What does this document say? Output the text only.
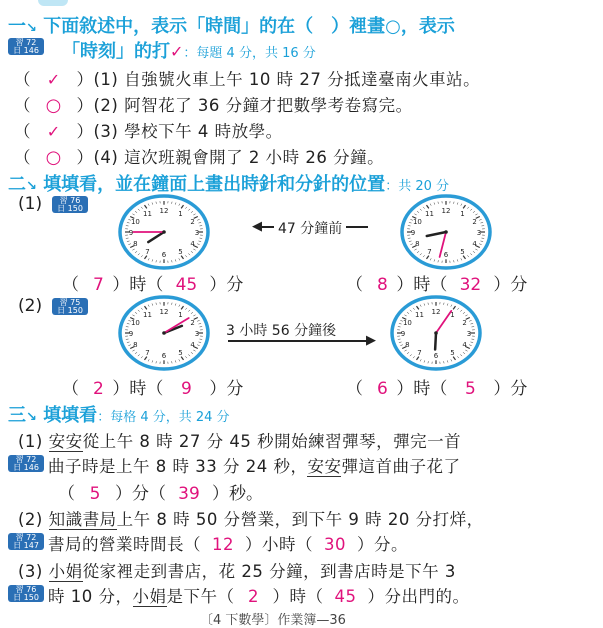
一↘ 下面敘述中，表示「時間」的在（　）裡畫○，表示
習 72
日 146 「時刻」的打✓：每題 4 分，共 16 分
（ ✓ ）(1) 自強號火車上午 10 時 27 分抵達臺南火車站。
（ ○ ）(2) 阿智花了 36 分鐘才把數學考卷寫完。
（ ✓ ）(3) 學校下午 4 時放學。
（ ○ ）(4) 這次班親會開了 2 小時 26 分鐘。
二↘ 填填看，並在鐘面上畫出時針和分針的位置：共 20 分
(1)	習 76
日 150
1
2
3
4
5
6
7
8
9
10
11 12
◀ 47 分鐘前
1
2
3
4
5
6
7
8
9
10
11 12
（ 7 ）時（ 45 ）分	（ 8 ）時（ 32 ）分
(2)	習 75
日 150	1
2
3
4
5
6
7
8
9
10
11 12
▶
3 小時 56 分鐘後
1
2
3
4
5
6
7
8
9
10
11 12
（ 2 ）時（ 9 ）分	（ 6 ）時（ 5 ）分
三↘ 填填看：每格 4 分，共 24 分
(1) 安安從上午 8 時 27 分 45 秒開始練習彈琴，彈完一首
習 72
日 146 曲子時是上午 8 時 33 分 24 秒，安安彈這首曲子花了
（ 5 ）分（ 39 ）秒。
(2) 知識書局上午 8 時 50 分營業，到下午 9 時 20 分打烊，
習 72
日 147 書局的營業時間長（ 12 ）小時（ 30 ）分。
(3) 小娟從家裡走到書店，花 25 分鐘，到書店時是下午 3
習 76
日 150 時 10 分，小娟是下午（ 2 ）時（ 45 ）分出門的。
〔4 下數學〕作業簿—36
